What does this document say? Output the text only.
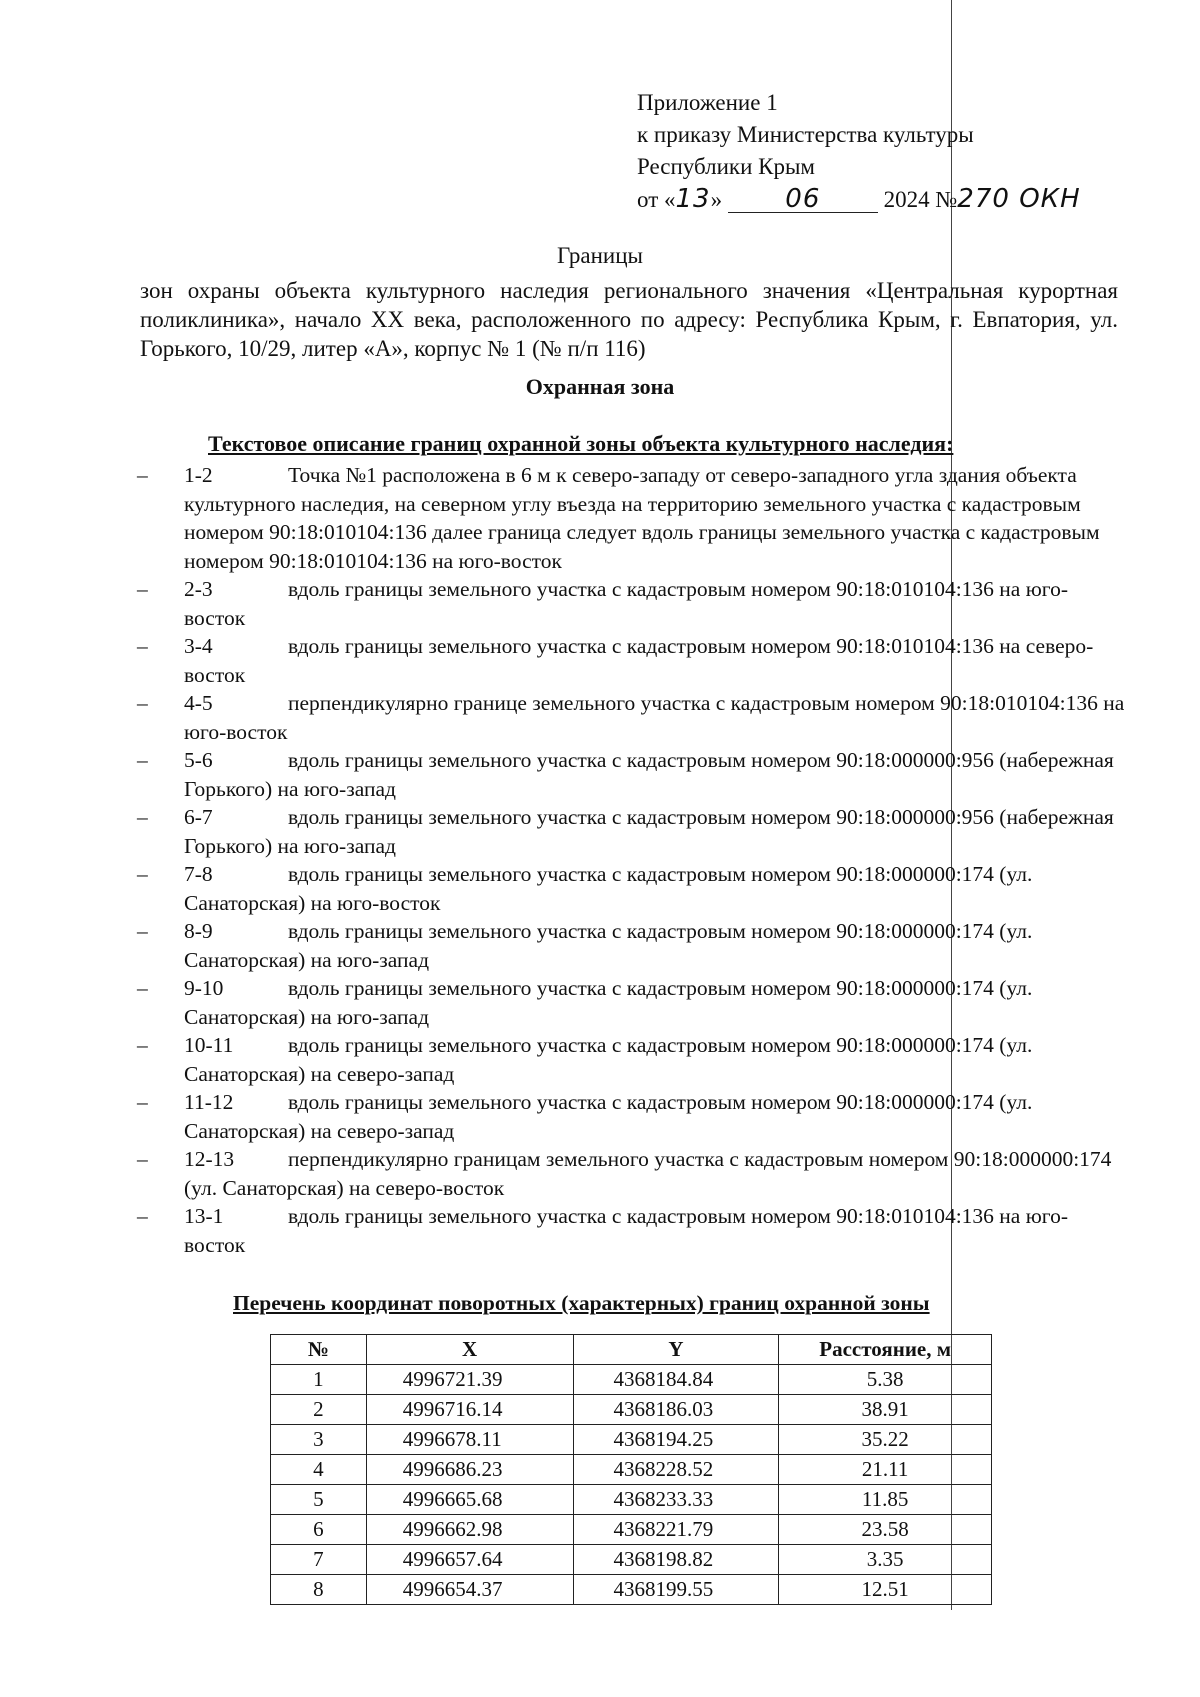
Приложение 1
к приказу Министерства культуры
Республики Крым
от «13» 06	2024 №270 ОКН
Границы
зон охраны объекта культурного наследия регионального значения «Центральная курортная поликлиника», начало XX века, расположенного по адресу: Республика Крым, г. Евпатория, ул. Горького, 10/29, литер «А», корпус № 1 (№ п/п 116)
Охранная зона
Текстовое описание границ охранной зоны объекта культурного наследия:
– 1-2	Точка №1 расположена в 6 м к северо-западу от северо-западного угла здания объекта культурного наследия, на северном углу въезда на территорию земельного участка с кадастровым номером 90:18:010104:136 далее граница следует вдоль границы земельного участка с кадастровым номером 90:18:010104:136 на юго-восток
– 2-3	вдоль границы земельного участка с кадастровым номером 90:18:010104:136 на юго-восток
– 3-4	вдоль границы земельного участка с кадастровым номером 90:18:010104:136 на северо-восток
– 4-5	перпендикулярно границе земельного участка с кадастровым номером 90:18:010104:136 на юго-восток
– 5-6	вдоль границы земельного участка с кадастровым номером 90:18:000000:956 (набережная Горького) на юго-запад
– 6-7	вдоль границы земельного участка с кадастровым номером 90:18:000000:956 (набережная Горького) на юго-запад
– 7-8	вдоль границы земельного участка с кадастровым номером 90:18:000000:174 (ул. Санаторская) на юго-восток
– 8-9	вдоль границы земельного участка с кадастровым номером 90:18:000000:174 (ул. Санаторская) на юго-запад
– 9-10	вдоль границы земельного участка с кадастровым номером 90:18:000000:174 (ул. Санаторская) на юго-запад
– 10-11	вдоль границы земельного участка с кадастровым номером 90:18:000000:174 (ул. Санаторская) на северо-запад
– 11-12	вдоль границы земельного участка с кадастровым номером 90:18:000000:174 (ул. Санаторская) на северо-запад
– 12-13	перпендикулярно границам земельного участка с кадастровым номером 90:18:000000:174 (ул. Санаторская) на северо-восток
– 13-1	вдоль границы земельного участка с кадастровым номером 90:18:010104:136 на юго-восток
Перечень координат поворотных (характерных) границ охранной зоны
№	X	Y	Расстояние, м
1	4996721.39	4368184.84	5.38
2	4996716.14	4368186.03	38.91
3	4996678.11	4368194.25	35.22
4	4996686.23	4368228.52	21.11
5	4996665.68	4368233.33	11.85
6	4996662.98	4368221.79	23.58
7	4996657.64	4368198.82	3.35
8	4996654.37	4368199.55	12.51
